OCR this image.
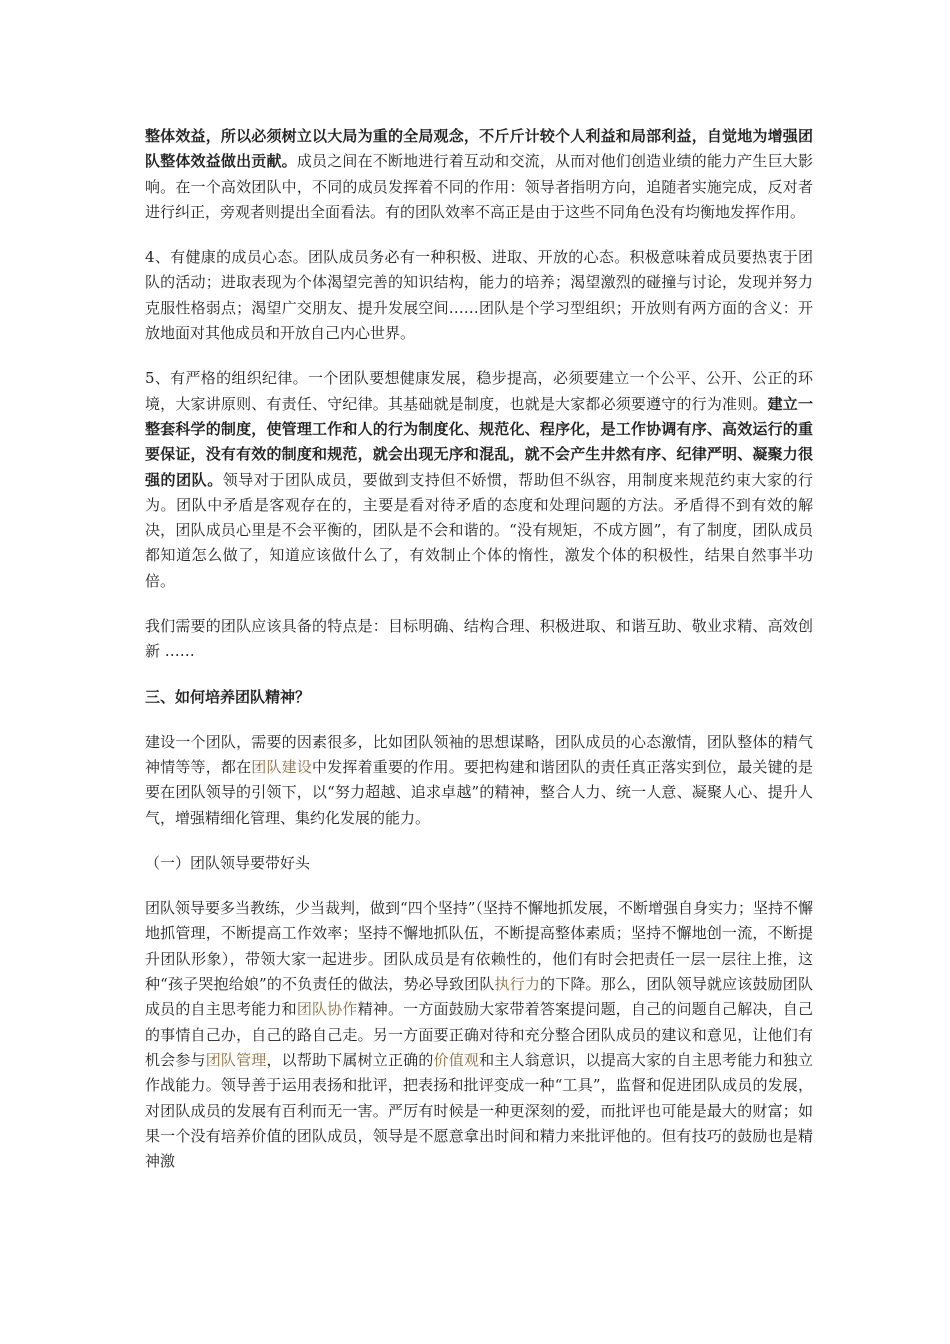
整体效益，所以必须树立以大局为重的全局观念，不斤斤计较个人利益和局部利益，自觉地为增强团队整体效益做出贡献。成员之间在不断地进行着互动和交流，从而对他们创造业绩的能力产生巨大影响。在一个高效团队中，不同的成员发挥着不同的作用：领导者指明方向，追随者实施完成，反对者进行纠正，旁观者则提出全面看法。有的团队效率不高正是由于这些不同角色没有均衡地发挥作用。

4、有健康的成员心态。团队成员务必有一种积极、进取、开放的心态。积极意味着成员要热衷于团队的活动；进取表现为个体渴望完善的知识结构，能力的培养；渴望激烈的碰撞与讨论，发现并努力克服性格弱点；渴望广交朋友、提升发展空间……团队是个学习型组织；开放则有两方面的含义：开放地面对其他成员和开放自己内心世界。

5、有严格的组织纪律。一个团队要想健康发展，稳步提高，必须要建立一个公平、公开、公正的环境，大家讲原则、有责任、守纪律。其基础就是制度，也就是大家都必须要遵守的行为准则。建立一整套科学的制度，使管理工作和人的行为制度化、规范化、程序化，是工作协调有序、高效运行的重要保证，没有有效的制度和规范，就会出现无序和混乱，就不会产生井然有序、纪律严明、凝聚力很强的团队。领导对于团队成员，要做到支持但不娇惯，帮助但不纵容，用制度来规范约束大家的行为。团队中矛盾是客观存在的，主要是看对待矛盾的态度和处理问题的方法。矛盾得不到有效的解决，团队成员心里是不会平衡的，团队是不会和谐的。“没有规矩，不成方圆”，有了制度，团队成员都知道怎么做了，知道应该做什么了，有效制止个体的惰性，激发个体的积极性，结果自然事半功倍。

我们需要的团队应该具备的特点是：目标明确、结构合理、积极进取、和谐互助、敬业求精、高效创新 ……

三、如何培养团队精神？

建设一个团队，需要的因素很多，比如团队领袖的思想谋略，团队成员的心态激情，团队整体的精气神情等等，都在团队建设中发挥着重要的作用。要把构建和谐团队的责任真正落实到位，最关键的是要在团队领导的引领下，以“努力超越、追求卓越”的精神，整合人力、统一人意、凝聚人心、提升人气，增强精细化管理、集约化发展的能力。

（一）团队领导要带好头

团队领导要多当教练，少当裁判，做到“四个坚持”（坚持不懈地抓发展，不断增强自身实力；坚持不懈地抓管理，不断提高工作效率；坚持不懈地抓队伍，不断提高整体素质；坚持不懈地创一流，不断提升团队形象），带领大家一起进步。团队成员是有依赖性的，他们有时会把责任一层一层往上推，这种“孩子哭抱给娘”的不负责任的做法，势必导致团队执行力的下降。那么，团队领导就应该鼓励团队成员的自主思考能力和团队协作精神。一方面鼓励大家带着答案提问题，自己的问题自己解决，自己的事情自己办，自己的路自己走。另一方面要正确对待和充分整合团队成员的建议和意见，让他们有机会参与团队管理，以帮助下属树立正确的价值观和主人翁意识，以提高大家的自主思考能力和独立作战能力。领导善于运用表扬和批评，把表扬和批评变成一种“工具”，监督和促进团队成员的发展，对团队成员的发展有百利而无一害。严厉有时候是一种更深刻的爱，而批评也可能是最大的财富；如果一个没有培养价值的团队成员，领导是不愿意拿出时间和精力来批评他的。但有技巧的鼓励也是精神激
